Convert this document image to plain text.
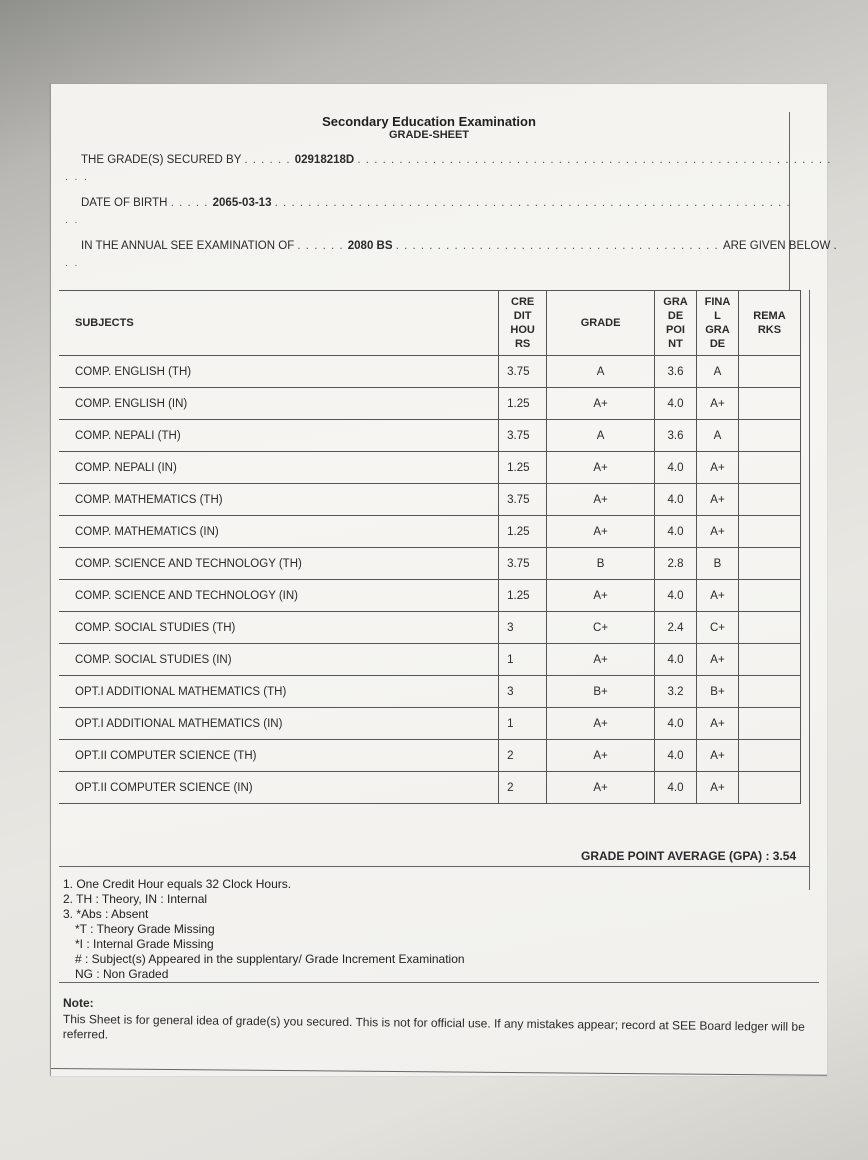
Secondary Education Examination
GRADE-SHEET
THE GRADE(S) SECURED BY . . . . . . 02918218D . . . . . . . . . . . . . . . . . . . . . . . . . . . . . . . . . . . . . . . . . . . . . . . . . . . . . . . . .
. . .
DATE OF BIRTH . . . . . 2065-03-13 . . . . . . . . . . . . . . . . . . . . . . . . . . . . . . . . . . . . . . . . . . . . . . . . . . . . . . . . . . . . . .
. .
IN THE ANNUAL SEE EXAMINATION OF . . . . . . 2080 BS . . . . . . . . . . . . . . . . . . . . . . . . . . . . . . . . . . . . . . . ARE GIVEN BELOW .
. .
SUBJECTS	CRE
DIT
HOU
RS	GRADE	GRA
DE
POI
NT	FINA
L
GRA
DE	REMA
RKS
COMP. ENGLISH (TH)	3.75	A	3.6	A	
COMP. ENGLISH (IN)	1.25	A+	4.0	A+	
COMP. NEPALI (TH)	3.75	A	3.6	A	
COMP. NEPALI (IN)	1.25	A+	4.0	A+	
COMP. MATHEMATICS (TH)	3.75	A+	4.0	A+	
COMP. MATHEMATICS (IN)	1.25	A+	4.0	A+	
COMP. SCIENCE AND TECHNOLOGY (TH)	3.75	B	2.8	B	
COMP. SCIENCE AND TECHNOLOGY (IN)	1.25	A+	4.0	A+	
COMP. SOCIAL STUDIES (TH)	3	C+	2.4	C+	
COMP. SOCIAL STUDIES (IN)	1	A+	4.0	A+	
OPT.I ADDITIONAL MATHEMATICS (TH)	3	B+	3.2	B+	
OPT.I ADDITIONAL MATHEMATICS (IN)	1	A+	4.0	A+	
OPT.II COMPUTER SCIENCE (TH)	2	A+	4.0	A+	
OPT.II COMPUTER SCIENCE (IN)	2	A+	4.0	A+	
GRADE POINT AVERAGE (GPA) : 3.54
1. One Credit Hour equals 32 Clock Hours.
2. TH : Theory, IN : Internal
3. *Abs : Absent
*T : Theory Grade Missing
*I : Internal Grade Missing
# : Subject(s) Appeared in the supplentary/ Grade Increment Examination
NG : Non Graded
Note:
This Sheet is for general idea of grade(s) you secured. This is not for official use. If any mistakes appear; record at SEE Board ledger will be referred.
